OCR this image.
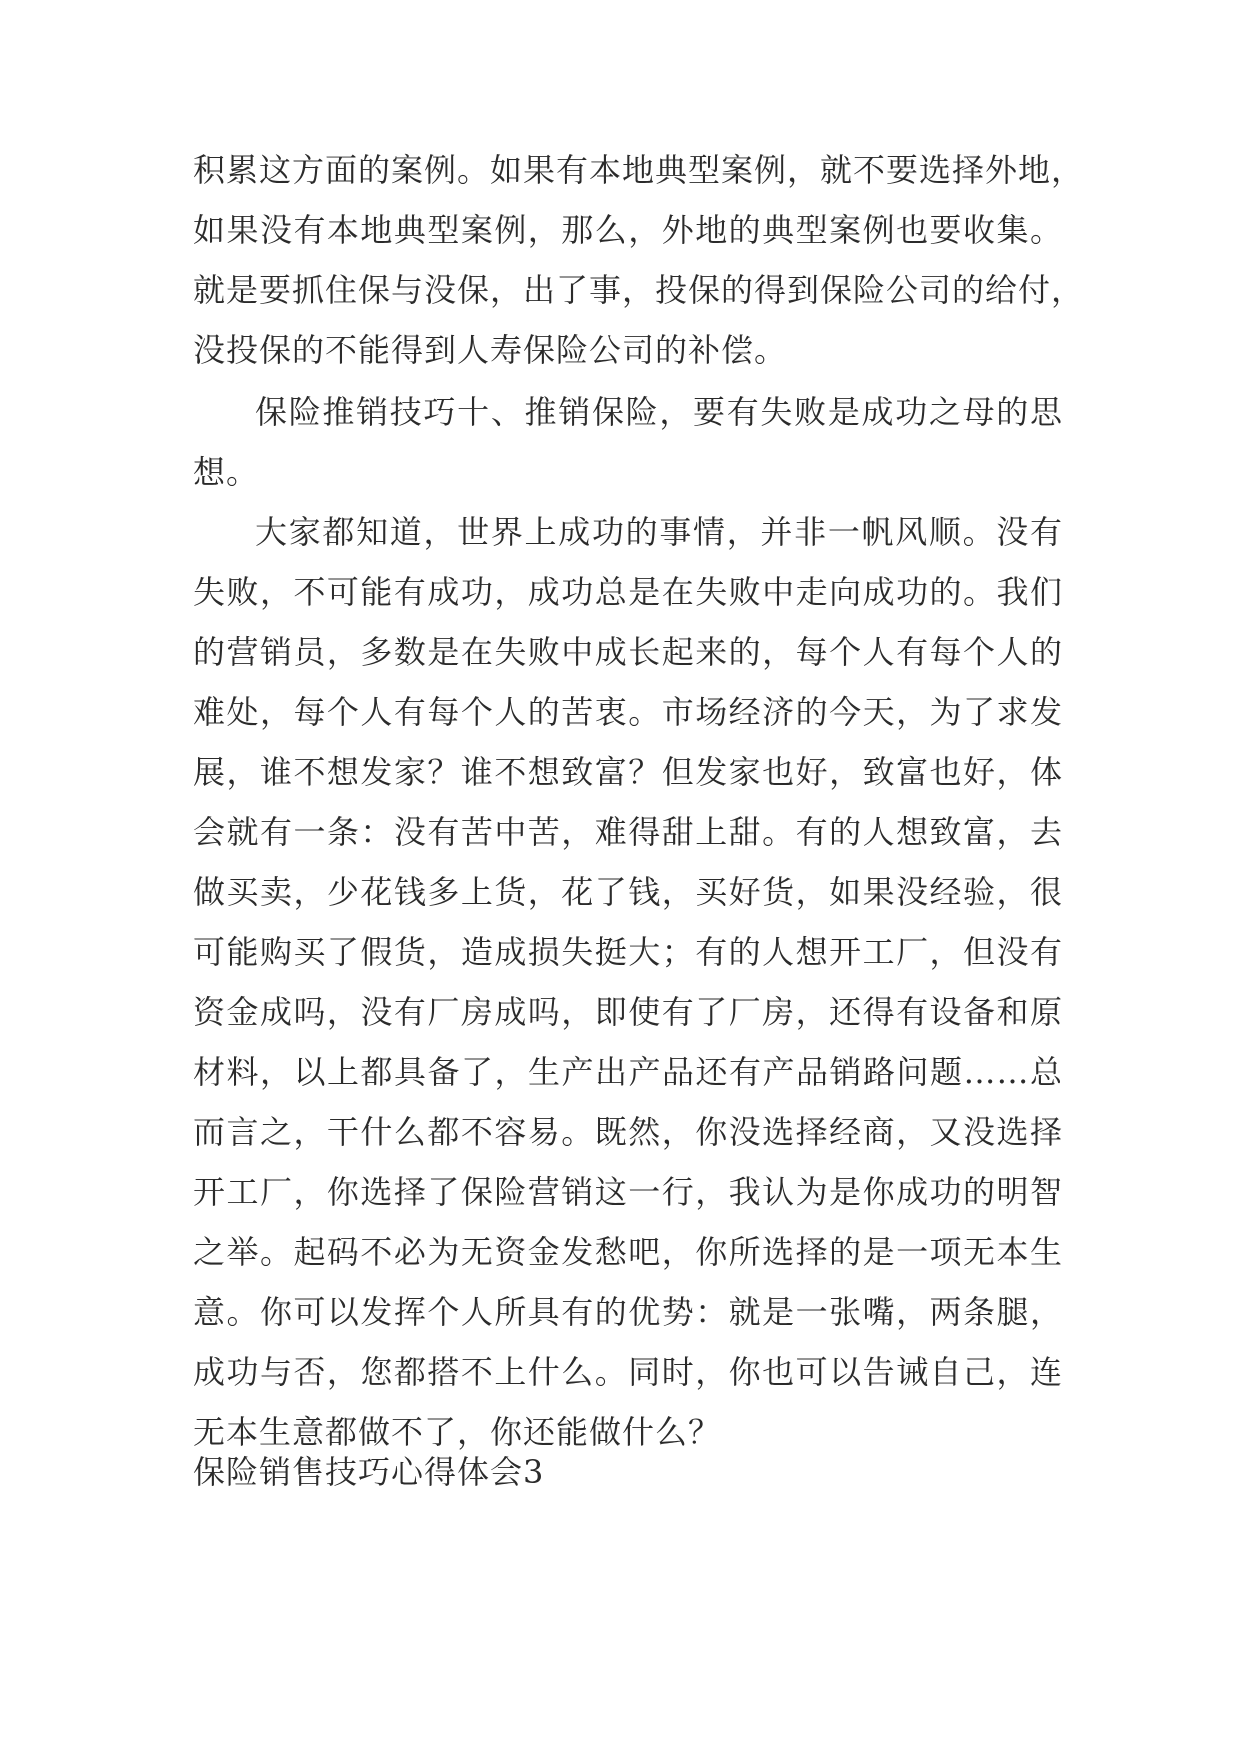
积累这方面的案例。如果有本地典型案例，就不要选择外地，
如果没有本地典型案例，那么，外地的典型案例也要收集。
就是要抓住保与没保，出了事，投保的得到保险公司的给付，
没投保的不能得到人寿保险公司的补偿。
保险推销技巧十、推销保险，要有失败是成功之母的思
想。
大家都知道，世界上成功的事情，并非一帆风顺。没有
失败，不可能有成功，成功总是在失败中走向成功的。我们
的营销员，多数是在失败中成长起来的，每个人有每个人的
难处，每个人有每个人的苦衷。市场经济的今天，为了求发
展，谁不想发家？谁不想致富？但发家也好，致富也好，体
会就有一条：没有苦中苦，难得甜上甜。有的人想致富，去
做买卖，少花钱多上货，花了钱，买好货，如果没经验，很
可能购买了假货，造成损失挺大；有的人想开工厂，但没有
资金成吗，没有厂房成吗，即使有了厂房，还得有设备和原
材料，以上都具备了，生产出产品还有产品销路问题……总
而言之，干什么都不容易。既然，你没选择经商，又没选择
开工厂，你选择了保险营销这一行，我认为是你成功的明智
之举。起码不必为无资金发愁吧，你所选择的是一项无本生
意。你可以发挥个人所具有的优势：就是一张嘴，两条腿，
成功与否，您都搭不上什么。同时，你也可以告诫自己，连
无本生意都做不了，你还能做什么？
保险销售技巧心得体会3
